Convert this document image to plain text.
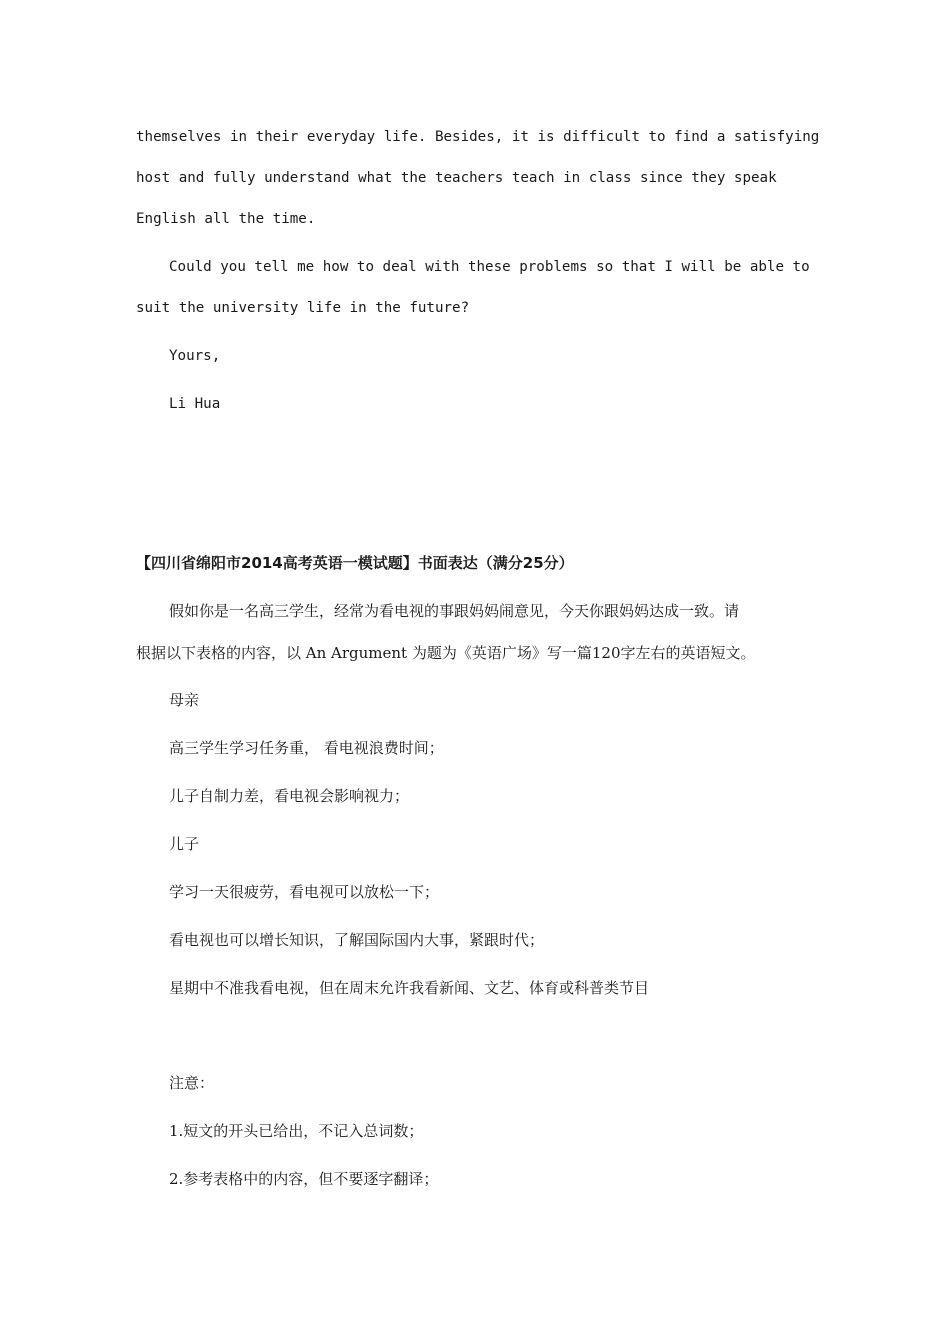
themselves in their everyday life. Besides, it is difficult to find a satisfying
host and fully understand what the teachers teach in class since they speak
English all the time.
Could you tell me how to deal with these problems so that I will be able to
suit the university life in the future?
Yours,
Li Hua
【四川省绵阳市2014高考英语一模试题】书面表达（满分25分）
假如你是一名高三学生，经常为看电视的事跟妈妈闹意见，今天你跟妈妈达成一致。请
根据以下表格的内容，以 An Argument 为题为《英语广场》写一篇120字左右的英语短文。
母亲
高三学生学习任务重， 看电视浪费时间；
儿子自制力差，看电视会影响视力；
儿子
学习一天很疲劳，看电视可以放松一下；
看电视也可以增长知识，了解国际国内大事，紧跟时代；
星期中不准我看电视，但在周末允许我看新闻、文艺、体育或科普类节目
注意：
1.短文的开头已给出，不记入总词数；
2.参考表格中的内容，但不要逐字翻译；
